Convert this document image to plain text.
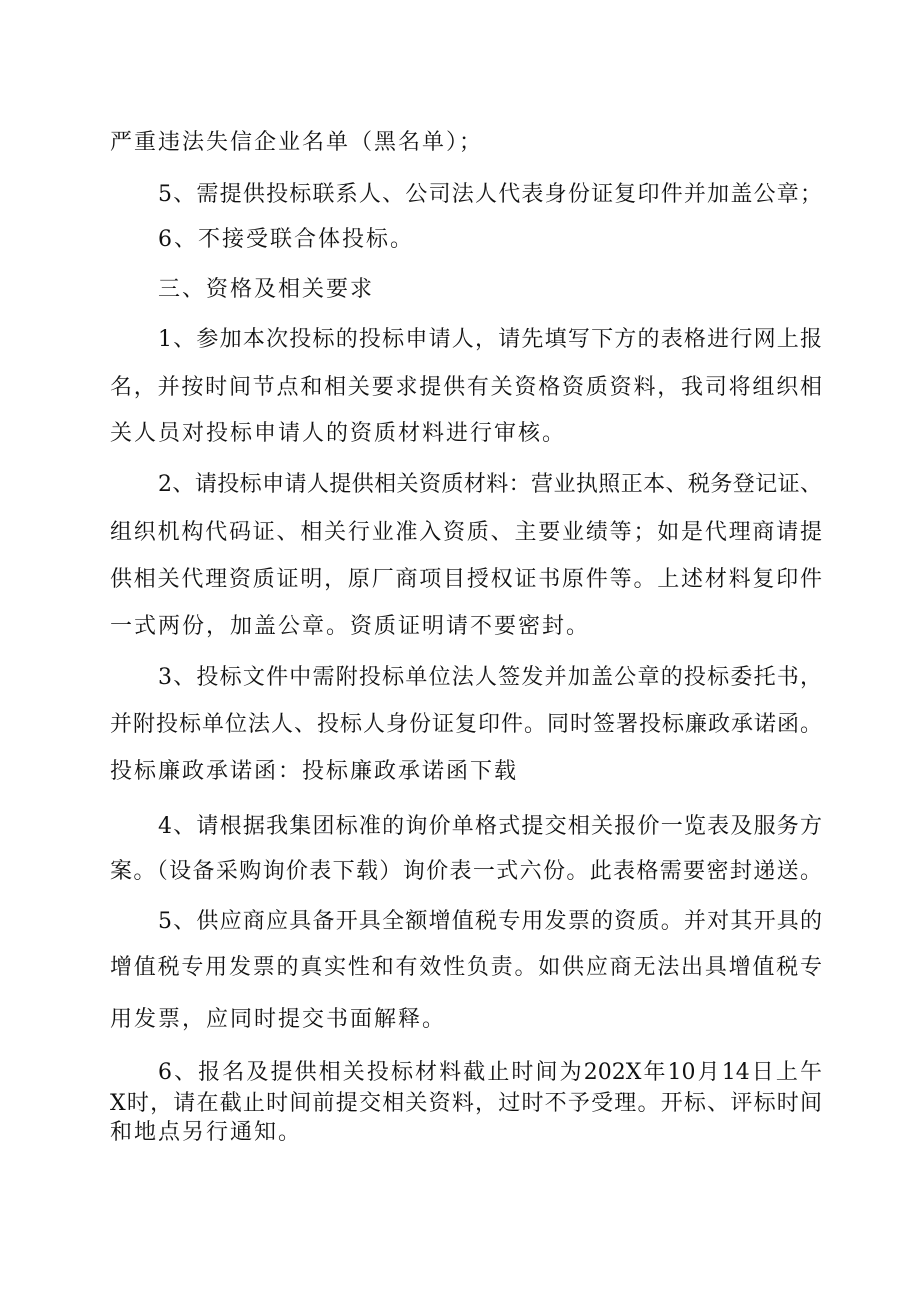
严重违法失信企业名单（黑名单）；
5、需提供投标联系人、公司法人代表身份证复印件并加盖公章；
6、不接受联合体投标。
三、资格及相关要求
1、参加本次投标的投标申请人，请先填写下方的表格进行网上报
名，并按时间节点和相关要求提供有关资格资质资料，我司将组织相
关人员对投标申请人的资质材料进行审核。
2、请投标申请人提供相关资质材料：营业执照正本、税务登记证、
组织机构代码证、相关行业准入资质、主要业绩等；如是代理商请提
供相关代理资质证明，原厂商项目授权证书原件等。上述材料复印件
一式两份，加盖公章。资质证明请不要密封。
3、投标文件中需附投标单位法人签发并加盖公章的投标委托书，
并附投标单位法人、投标人身份证复印件。同时签署投标廉政承诺函。
投标廉政承诺函：投标廉政承诺函下载
4、请根据我集团标准的询价单格式提交相关报价一览表及服务方
案。（设备采购询价表下载）询价表一式六份。此表格需要密封递送。
5、供应商应具备开具全额增值税专用发票的资质。并对其开具的
增值税专用发票的真实性和有效性负责。如供应商无法出具增值税专
用发票，应同时提交书面解释。
6、报名及提供相关投标材料截止时间为202X年10月14日上午
X时，请在截止时间前提交相关资料，过时不予受理。开标、评标时间
和地点另行通知。
